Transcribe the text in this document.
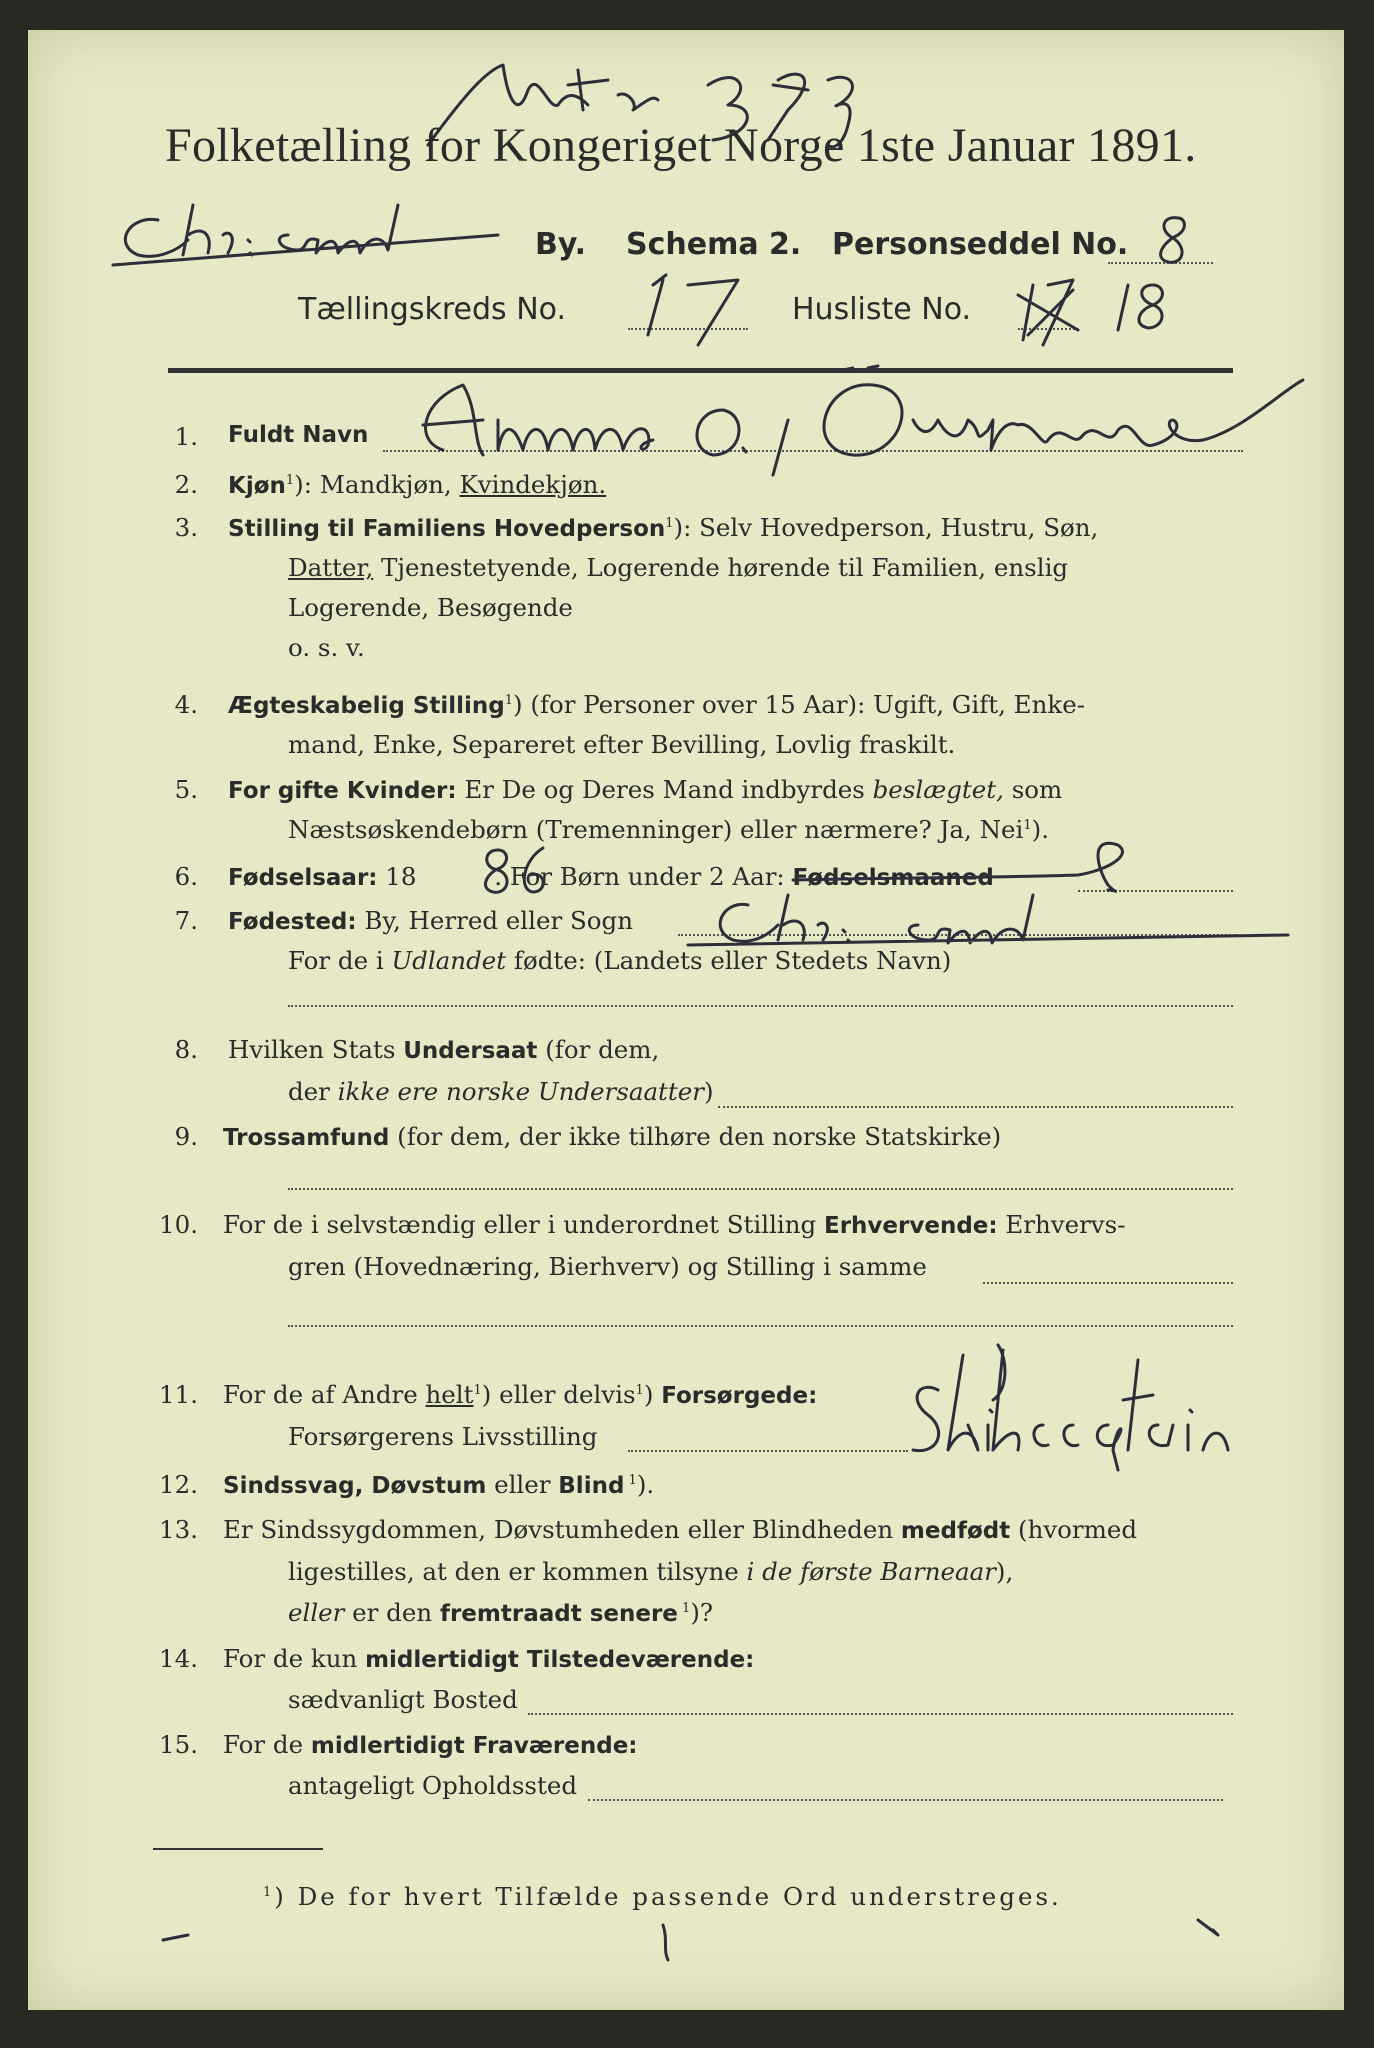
Folketælling for Kongeriget Norge 1ste Januar 1891.
By. Schema 2. Personseddel No.
Tællingskreds No.	Husliste No.
1. Fuldt Navn
2. Kjøn$^1$): Mandkjøn, Kvindekjøn.
3. Stilling til Familiens Hovedperson$^1$): Selv Hovedperson, Hustru, Søn,
Datter, Tjenestetyende, Logerende hørende til Familien, enslig
Logerende, Besøgende
o. s. v.
4. Ægteskabelig Stilling$^1$) (for Personer over 15 Aar): Ugift, Gift, Enke-
mand, Enke, Separeret efter Bevilling, Lovlig fraskilt.
5. For gifte Kvinder: Er De og Deres Mand indbyrdes beslægtet, som
Næstsøskendebørn (Tremenninger) eller nærmere? Ja, Nei$^1$).
6. Fødselsaar: 18	. For Børn under 2 Aar: Fødselsmaaned
7. Fødested: By, Herred eller Sogn
For de i Udlandet fødte: (Landets eller Stedets Navn)
8. Hvilken Stats Undersaat (for dem,
der ikke ere norske Undersaatter)
9. Trossamfund (for dem, der ikke tilhøre den norske Statskirke)
10. For de i selvstændig eller i underordnet Stilling Erhvervende: Erhvervs-
gren (Hovednæring, Bierhverv) og Stilling i samme
11. For de af Andre helt$^1$) eller delvis$^1$) Forsørgede:
Forsørgerens Livsstilling
12. Sindssvag, Døvstum eller Blind $^1$).
13. Er Sindssygdommen, Døvstumheden eller Blindheden medfødt (hvormed
ligestilles, at den er kommen tilsyne i de første Barneaar),
eller er den fremtraadt senere $^1$)?
14. For de kun midlertidigt Tilstedeværende:
sædvanligt Bosted
15. For de midlertidigt Fraværende:
antageligt Opholdssted
$^1$) De for hvert Tilfælde passende Ord understreges.
